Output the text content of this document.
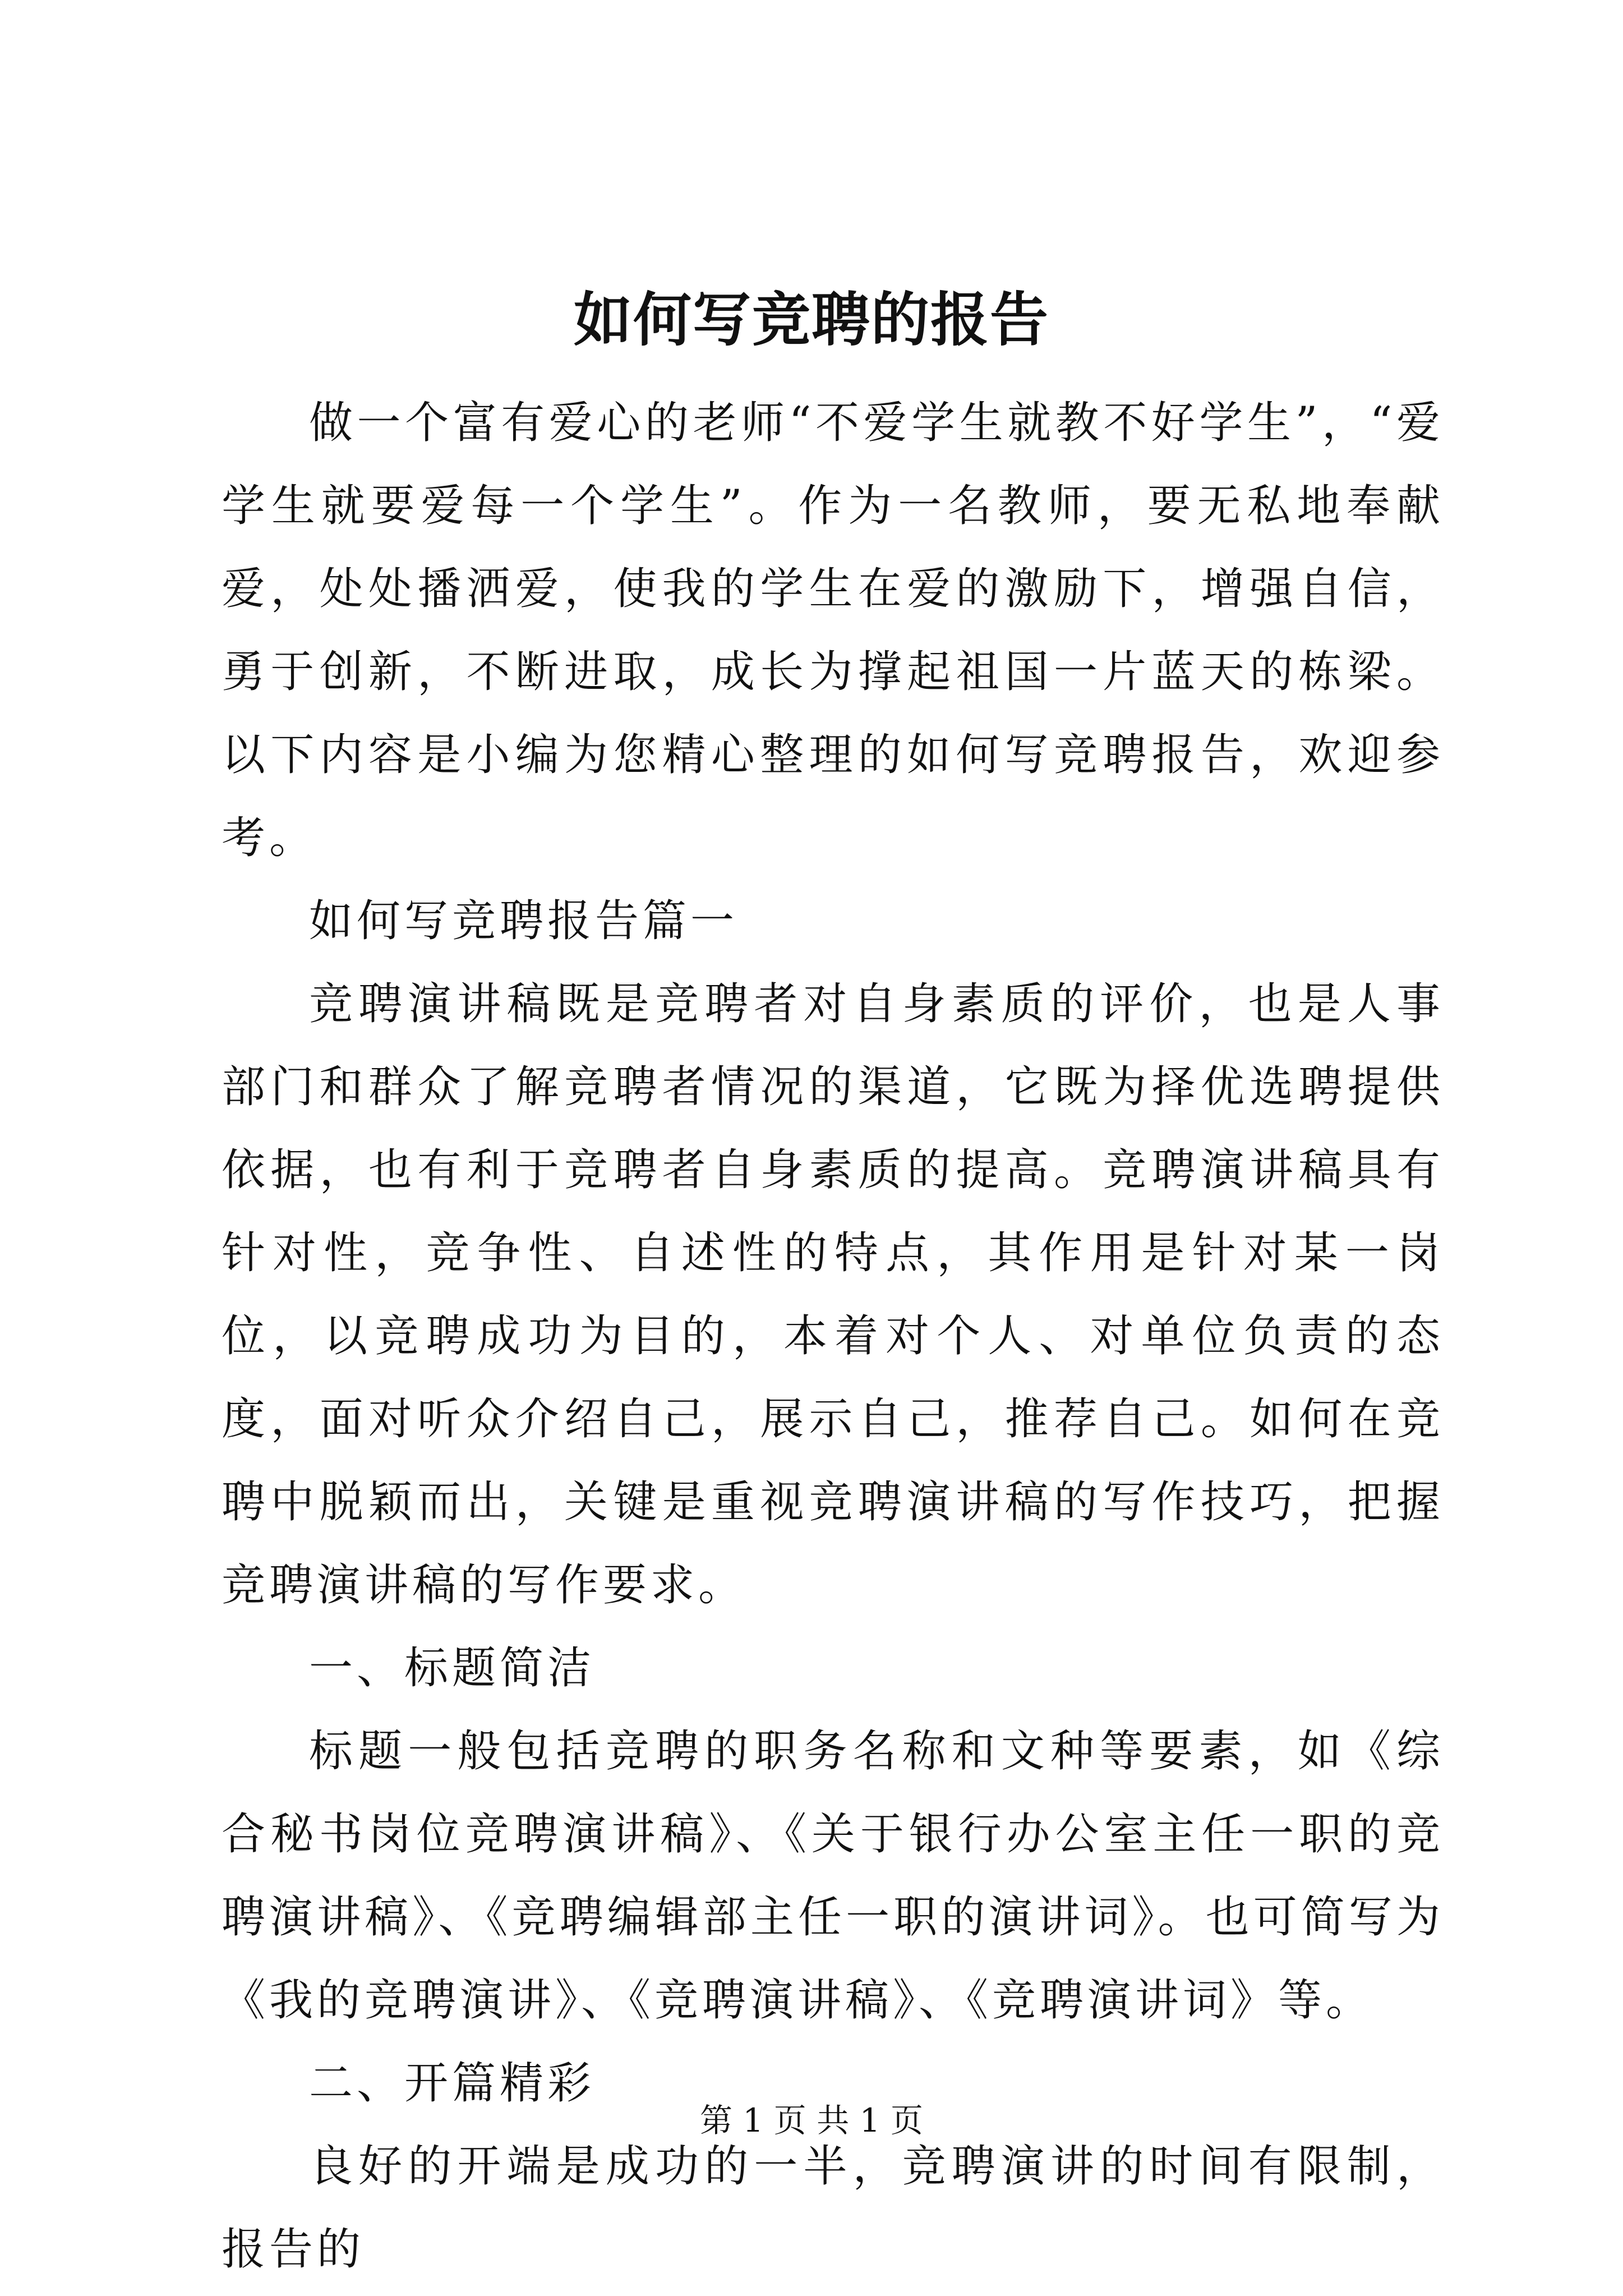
如何写竞聘的报告

做一个富有爱心的老师“不爱学生就教不好学生”，“爱学生就要爱每一个学生”。作为一名教师，要无私地奉献爱，处处播洒爱，使我的学生在爱的激励下，增强自信，勇于创新，不断进取，成长为撑起祖国一片蓝天的栋梁。以下内容是小编为您精心整理的如何写竞聘报告，欢迎参考。

如何写竞聘报告篇一

竞聘演讲稿既是竞聘者对自身素质的评价，也是人事部门和群众了解竞聘者情况的渠道，它既为择优选聘提供依据，也有利于竞聘者自身素质的提高。竞聘演讲稿具有针对性，竞争性、自述性的特点，其作用是针对某一岗位，以竞聘成功为目的，本着对个人、对单位负责的态度，面对听众介绍自己，展示自己，推荐自己。如何在竞聘中脱颖而出，关键是重视竞聘演讲稿的写作技巧，把握竞聘演讲稿的写作要求。

一、标题简洁

标题一般包括竞聘的职务名称和文种等要素，如《综合秘书岗位竞聘演讲稿》、《关于银行办公室主任一职的竞聘演讲稿》、《竞聘编辑部主任一职的演讲词》。也可简写为《我的竞聘演讲》、《竞聘演讲稿》、《竞聘演讲词》等。

二、开篇精彩

良好的开端是成功的一半，竞聘演讲的时间有限制，报告的

第 1 页 共 1 页
